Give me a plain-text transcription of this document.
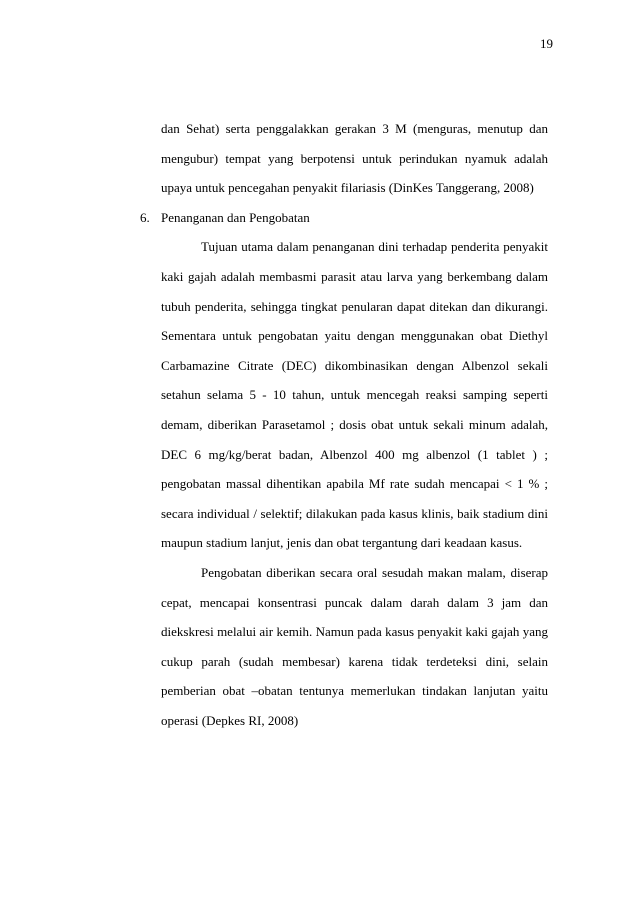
19

dan Sehat) serta penggalakkan gerakan 3 M (menguras, menutup dan mengubur) tempat yang berpotensi untuk perindukan nyamuk adalah upaya untuk pencegahan penyakit filariasis (DinKes Tanggerang, 2008)

6. Penanganan dan Pengobatan

Tujuan utama dalam penanganan dini terhadap penderita penyakit kaki gajah adalah membasmi parasit atau larva yang berkembang dalam tubuh penderita, sehingga tingkat penularan dapat ditekan dan dikurangi. Sementara untuk pengobatan yaitu dengan menggunakan obat Diethyl Carbamazine Citrate (DEC) dikombinasikan dengan Albenzol sekali setahun selama 5 - 10 tahun, untuk mencegah reaksi samping seperti demam, diberikan Parasetamol ; dosis obat untuk sekali minum adalah, DEC 6 mg/kg/berat badan, Albenzol 400 mg albenzol (1 tablet ) ; pengobatan massal dihentikan apabila Mf rate sudah mencapai < 1 % ; secara individual / selektif; dilakukan pada kasus klinis, baik stadium dini maupun stadium lanjut, jenis dan obat tergantung dari keadaan kasus.

Pengobatan diberikan secara oral sesudah makan malam, diserap cepat, mencapai konsentrasi puncak dalam darah dalam 3 jam dan diekskresi melalui air kemih. Namun pada kasus penyakit kaki gajah yang cukup parah (sudah membesar) karena tidak terdeteksi dini, selain pemberian obat –obatan tentunya memerlukan tindakan lanjutan yaitu operasi (Depkes RI, 2008)
